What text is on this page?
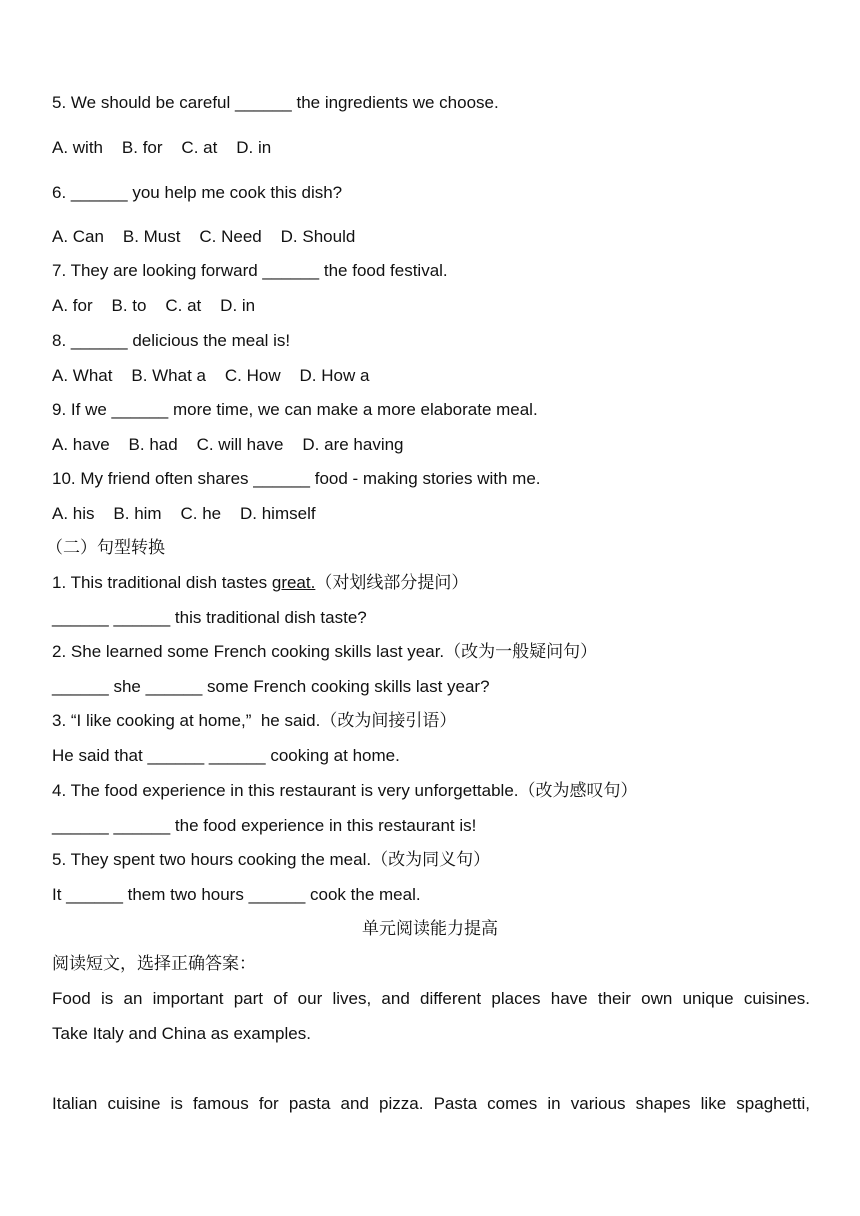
5. We should be careful ______ the ingredients we choose.
A. with    B. for    C. at    D. in
6. ______ you help me cook this dish?
A. Can    B. Must    C. Need    D. Should
7. They are looking forward ______ the food festival.
A. for    B. to    C. at    D. in
8. ______ delicious the meal is!
A. What    B. What a    C. How    D. How a
9. If we ______ more time, we can make a more elaborate meal.
A. have    B. had    C. will have    D. are having
10. My friend often shares ______ food - making stories with me.
A. his    B. him    C. he    D. himself
（二）句型转换
1. This traditional dish tastes great.（对划线部分提问）
______ ______ this traditional dish taste?
2. She learned some French cooking skills last year.（改为一般疑问句）
______ she ______ some French cooking skills last year?
3. “I like cooking at home,”  he said.（改为间接引语）
He said that ______ ______ cooking at home.
4. The food experience in this restaurant is very unforgettable.（改为感叹句）
______ ______ the food experience in this restaurant is!
5. They spent two hours cooking the meal.（改为同义句）
It ______ them two hours ______ cook the meal.
单元阅读能力提高
阅读短文，选择正确答案：
Food is an important part of our lives, and different places have their own unique cuisines.
Take Italy and China as examples.
Italian cuisine is famous for pasta and pizza. Pasta comes in various shapes like spaghetti,
